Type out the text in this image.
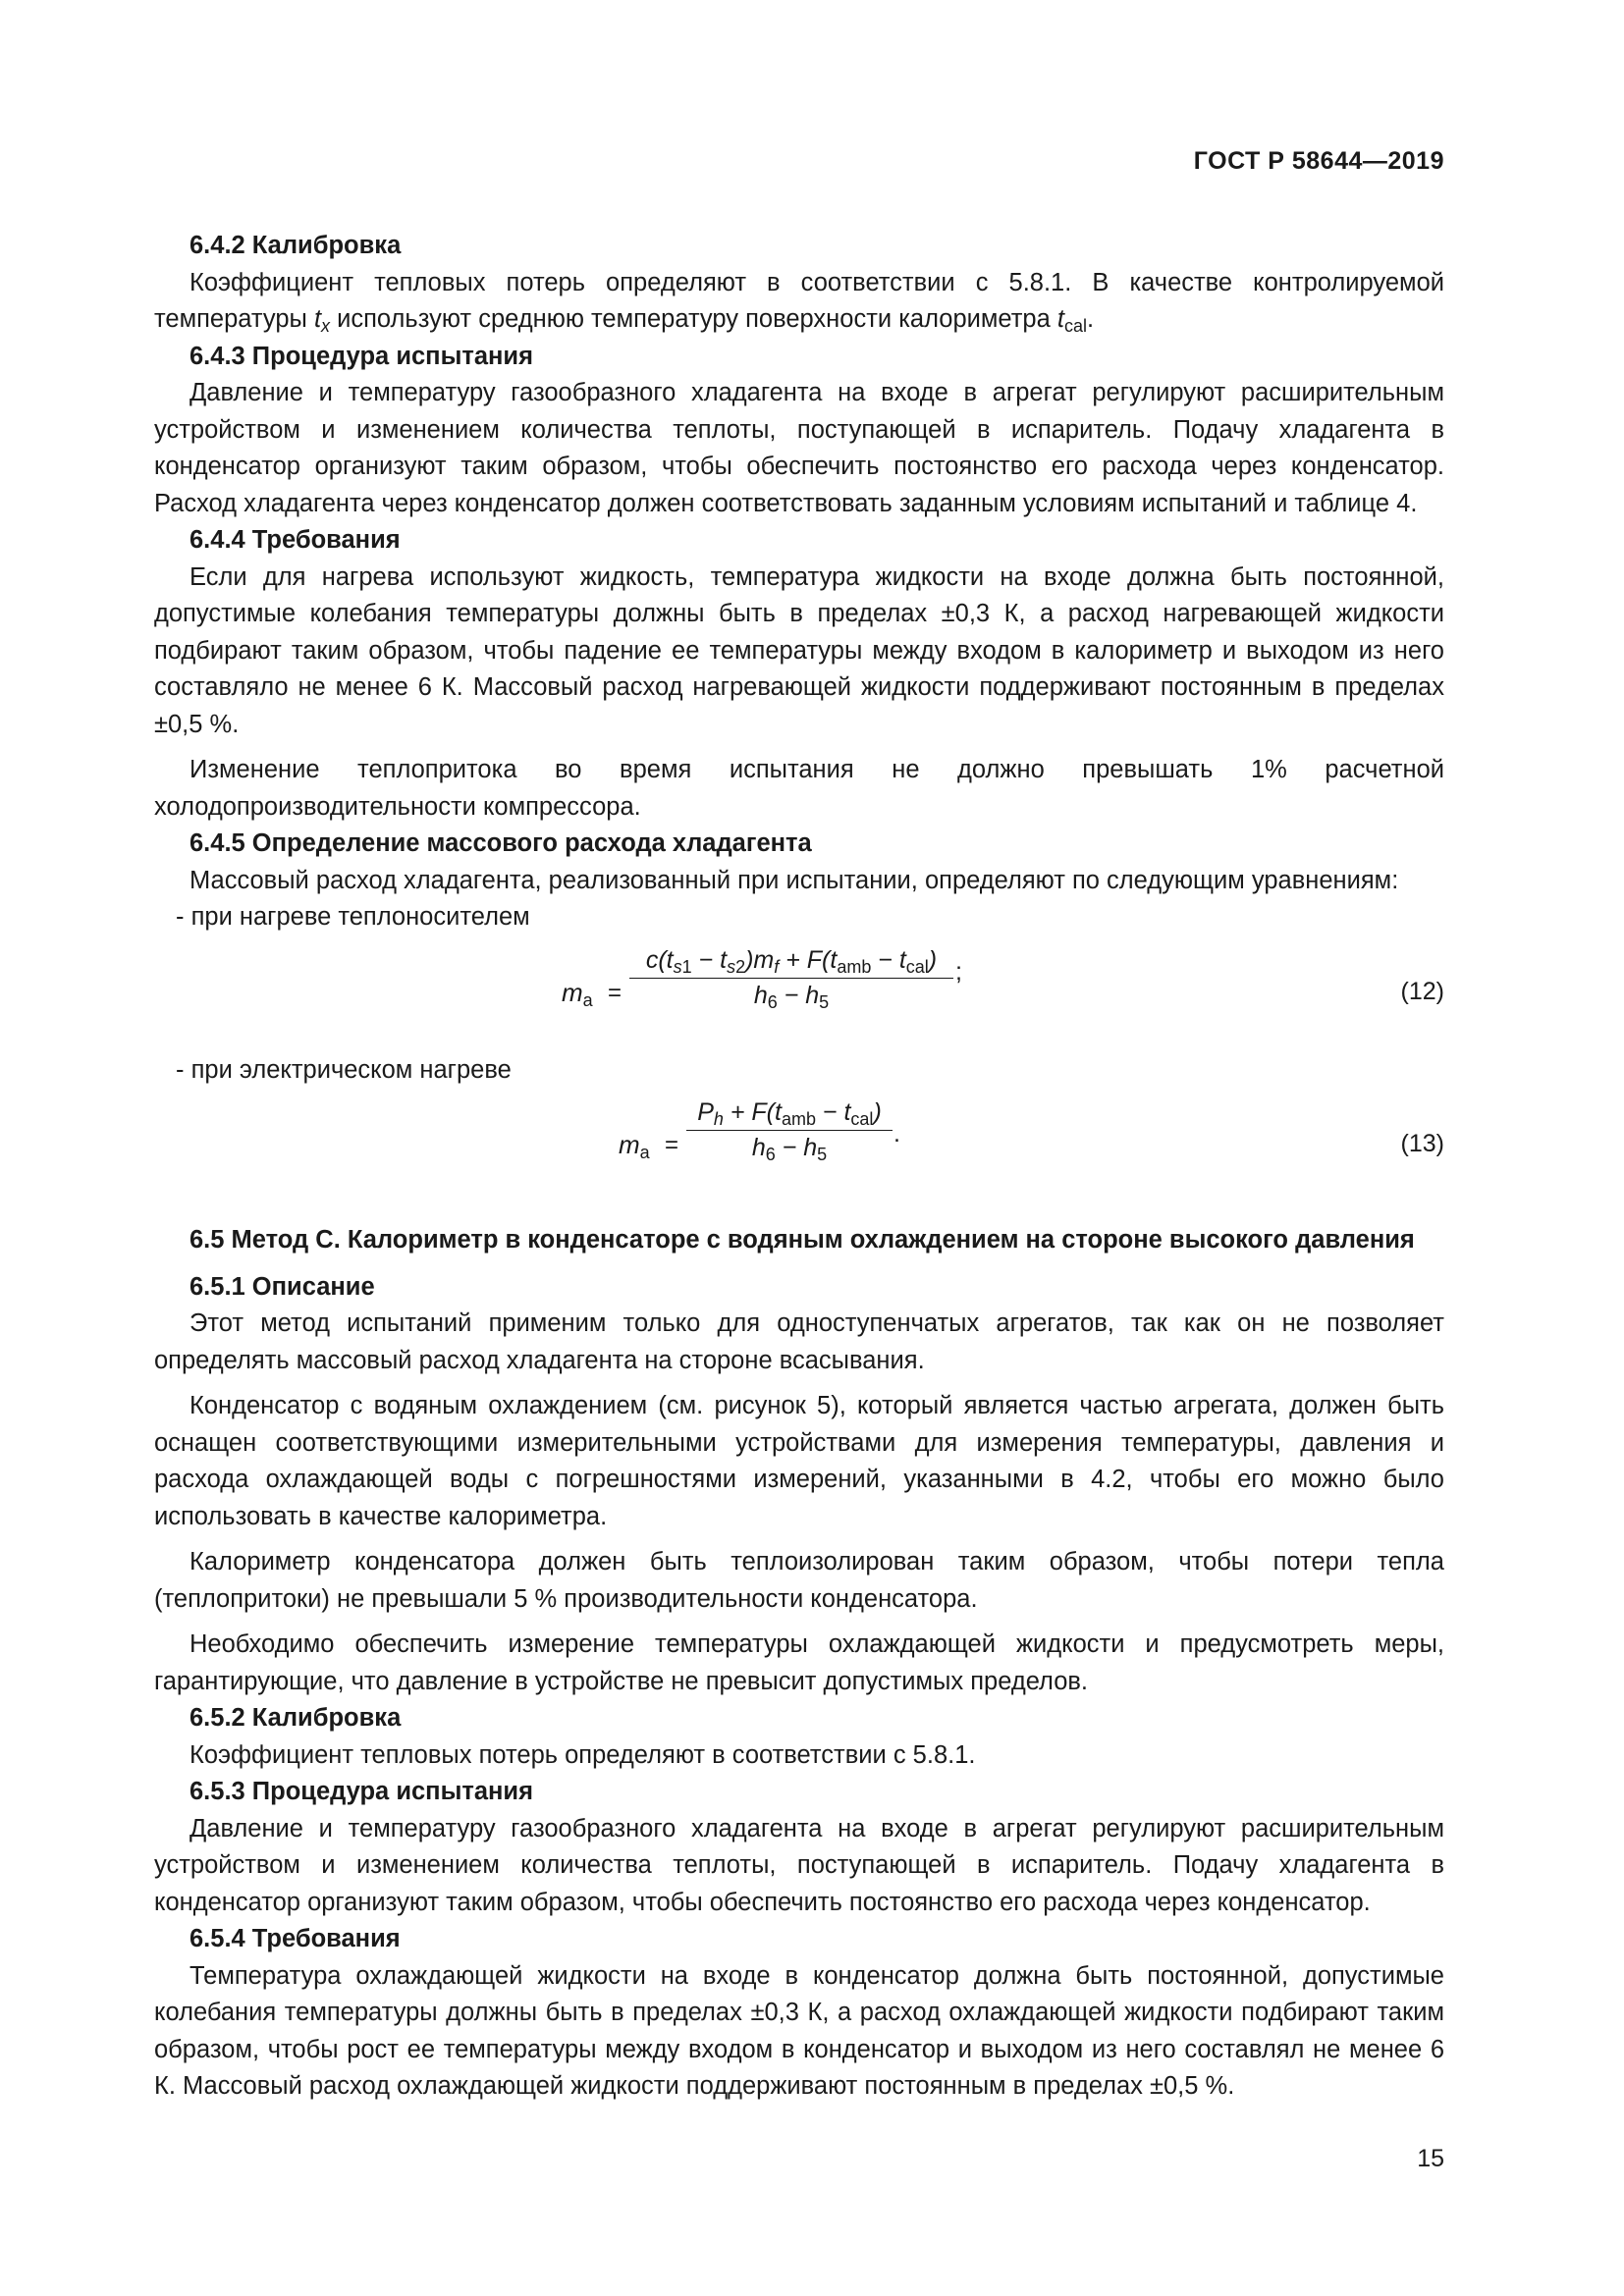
ГОСТ Р 58644—2019

6.4.2 Калибровка

Коэффициент тепловых потерь определяют в соответствии с 5.8.1. В качестве контролируемой температуры $t_x$ используют среднюю температуру поверхности калориметра $t_{cal}$.

6.4.3 Процедура испытания

Давление и температуру газообразного хладагента на входе в агрегат регулируют расширительным устройством и изменением количества теплоты, поступающей в испаритель. Подачу хладагента в конденсатор организуют таким образом, чтобы обеспечить постоянство его расхода через конденсатор. Расход хладагента через конденсатор должен соответствовать заданным условиям испытаний и таблице 4.

6.4.4 Требования

Если для нагрева используют жидкость, температура жидкости на входе должна быть постоянной, допустимые колебания температуры должны быть в пределах ±0,3 К, а расход нагревающей жидкости подбирают таким образом, чтобы падение ее температуры между входом в калориметр и выходом из него составляло не менее 6 К. Массовый расход нагревающей жидкости поддерживают постоянным в пределах ±0,5 %.

Изменение теплопритока во время испытания не должно превышать 1% расчетной холодопроизводительности компрессора.

6.4.5 Определение массового расхода хладагента

Массовый расход хладагента, реализованный при испытании, определяют по следующим уравнениям:

- при нагреве теплоносителем

$m_a$ =
$c(t_{s1} - t_{s2})m_f + F(t_{amb} - t_{cal})$
$h_6 - h_5$
;
(12)

- при электрическом нагреве

$m_a$ =
$P_h + F(t_{amb} - t_{cal})$
$h_6 - h_5$
.	(13)
6.5 Метод С. Калориметр в конденсаторе с водяным охлаждением на стороне высокого давления

6.5.1 Описание

Этот метод испытаний применим только для одноступенчатых агрегатов, так как он не позволяет определять массовый расход хладагента на стороне всасывания.

Конденсатор с водяным охлаждением (см. рисунок 5), который является частью агрегата, должен быть оснащен соответствующими измерительными устройствами для измерения температуры, давления и расхода охлаждающей воды с погрешностями измерений, указанными в 4.2, чтобы его можно было использовать в качестве калориметра.

Калориметр конденсатора должен быть теплоизолирован таким образом, чтобы потери тепла (теплопритоки) не превышали 5 % производительности конденсатора.

Необходимо обеспечить измерение температуры охлаждающей жидкости и предусмотреть меры, гарантирующие, что давление в устройстве не превысит допустимых пределов.

6.5.2 Калибровка

Коэффициент тепловых потерь определяют в соответствии с 5.8.1.

6.5.3 Процедура испытания

Давление и температуру газообразного хладагента на входе в агрегат регулируют расширительным устройством и изменением количества теплоты, поступающей в испаритель. Подачу хладагента в конденсатор организуют таким образом, чтобы обеспечить постоянство его расхода через конденсатор.

6.5.4 Требования

Температура охлаждающей жидкости на входе в конденсатор должна быть постоянной, допустимые колебания температуры должны быть в пределах ±0,3 К, а расход охлаждающей жидкости подбирают таким образом, чтобы рост ее температуры между входом в конденсатор и выходом из него составлял не менее 6 К. Массовый расход охлаждающей жидкости поддерживают постоянным в пределах ±0,5 %.

15
